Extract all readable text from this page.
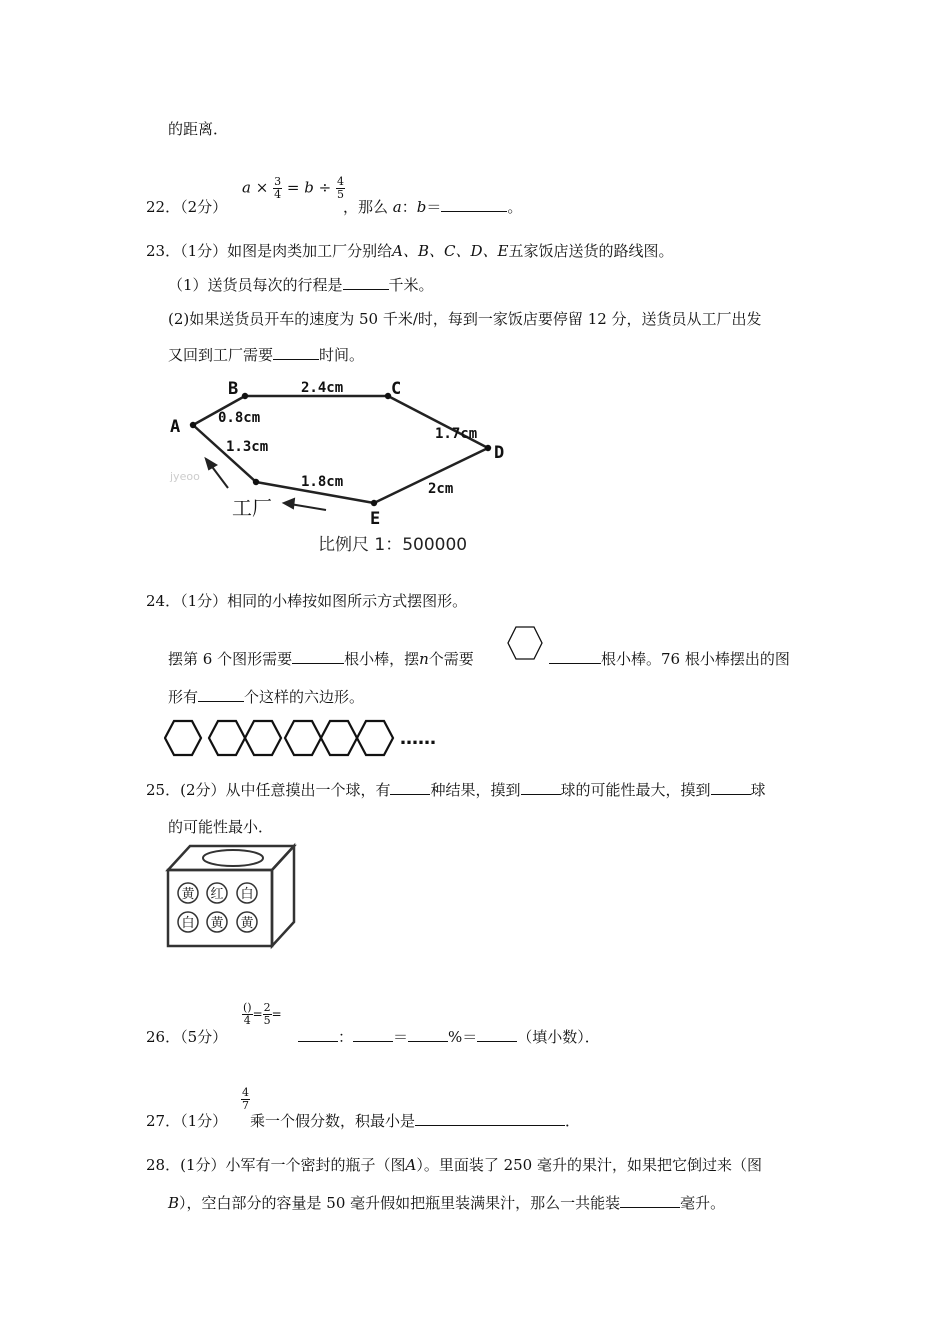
的距离．
22．（2分）
$a \times \frac{3}{4} = b \div \frac{4}{5}$
，那么 a：b＝	。
23．（1分）如图是肉类加工厂分别给A、B、C、D、E五家饭店送货的路线图。
（1）送货员每次的行程是	千米。
(2)如果送货员开车的速度为 50 千米/时，每到一家饭店要停留 12 分，送货员从工厂出发
又回到工厂需要	时间。
jyeoo
A
B	C
D
E
2.4cm
0.8cm
1.7cm
1.3cm
1.8cm	2cm
工厂
比例尺 1：500000
24．（1分）相同的小棒按如图所示方式摆图形。
摆第 6 个图形需要	根小棒，摆n个需要	根小棒。76 根小棒摆出的图
形有	个这样的六边形。
……
25．(2分）从中任意摸出一个球，有	种结果，摸到	球的可能性最大，摸到	球
的可能性最小．
黄 红 白
白 黄 黄
26．（5分）
$\frac{()}{4} = \frac{2}{5}$ =
：	＝	%＝	（填小数）．
27．（1分）
$\frac{4}{7}$
乘一个假分数，积最小是	．
28．(1分）小军有一个密封的瓶子（图A）。里面装了 250 毫升的果汁，如果把它倒过来（图
B），空白部分的容量是 50 毫升假如把瓶里装满果汁，那么一共能装	毫升。
